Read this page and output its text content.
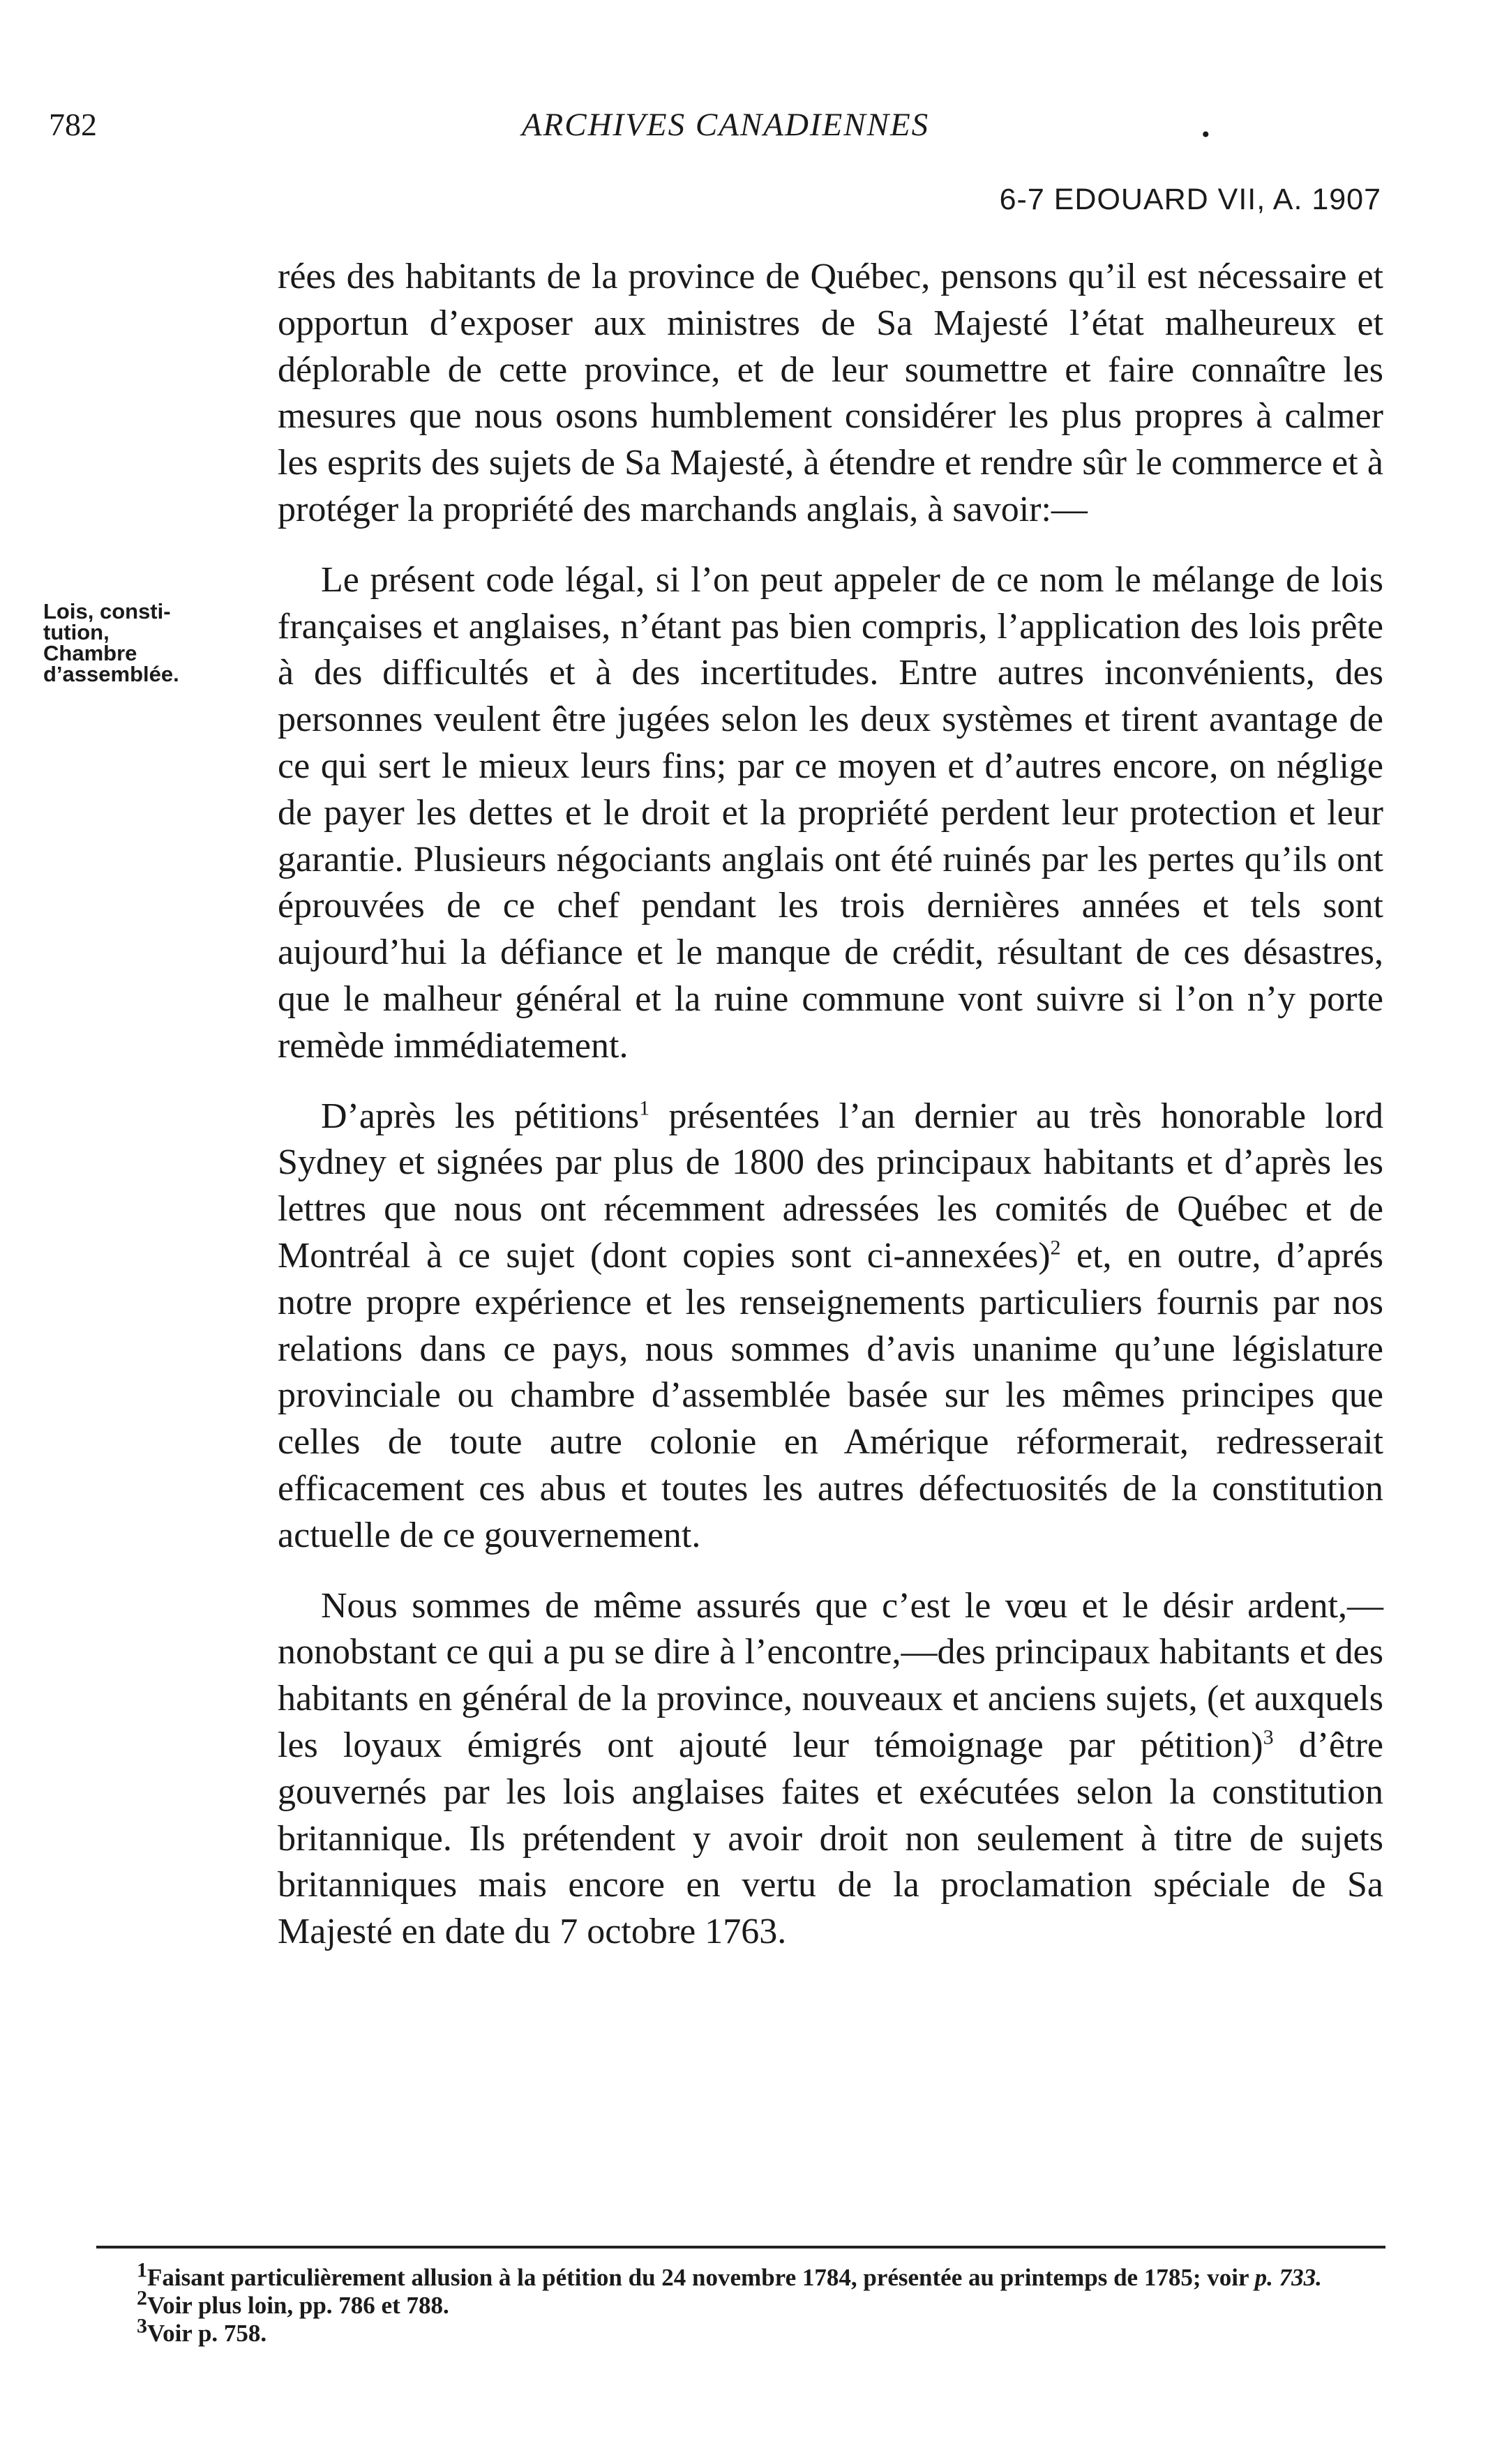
782	ARCHIVES CANADIENNES	.
6-7 EDOUARD VII, A. 1907
Lois, consti-
tution,
Chambre
d’assemblée.

rées des habitants de la province de Québec, pensons qu’il est nécessaire et opportun d’exposer aux ministres de Sa Majesté l’état malheureux et déplorable de cette province, et de leur soumettre et faire connaître les mesures que nous osons humblement considérer les plus propres à calmer les esprits des sujets de Sa Majesté, à étendre et rendre sûr le commerce et à protéger la propriété des marchands anglais, à savoir:—

Le présent code légal, si l’on peut appeler de ce nom le mélange de lois françaises et anglaises, n’étant pas bien compris, l’application des lois prête à des difficultés et à des incertitudes. Entre autres inconvénients, des personnes veulent être jugées selon les deux systèmes et tirent avantage de ce qui sert le mieux leurs fins; par ce moyen et d’autres encore, on néglige de payer les dettes et le droit et la propriété perdent leur protection et leur garantie. Plusieurs négociants anglais ont été ruinés par les pertes qu’ils ont éprouvées de ce chef pendant les trois dernières années et tels sont aujourd’hui la défiance et le manque de crédit, résultant de ces désastres, que le malheur général et la ruine commune vont suivre si l’on n’y porte remède immédiatement.

D’après les pétitions$^1$ présentées l’an dernier au très honorable lord Sydney et signées par plus de 1800 des principaux habitants et d’après les lettres que nous ont récemment adressées les comités de Québec et de Montréal à ce sujet (dont copies sont ci-annexées)$^2$ et, en outre, d’aprés notre propre expérience et les renseignements particuliers fournis par nos relations dans ce pays, nous sommes d’avis unanime qu’une législature provinciale ou chambre d’assemblée basée sur les mêmes principes que celles de toute autre colonie en Amérique réformerait, redresserait efficacement ces abus et toutes les autres défectuosités de la constitution actuelle de ce gouvernement.

Nous sommes de même assurés que c’est le vœu et le désir ardent,—nonobstant ce qui a pu se dire à l’encontre,—des principaux habitants et des habitants en général de la province, nouveaux et anciens sujets, (et auxquels les loyaux émigrés ont ajouté leur témoignage par pétition)$^3$ d’être gouvernés par les lois anglaises faites et exécutées selon la constitution britannique. Ils prétendent y avoir droit non seulement à titre de sujets britanniques mais encore en vertu de la proclamation spéciale de Sa Majesté en date du 7 octobre 1763.

$^1$Faisant particulièrement allusion à la pétition du 24 novembre 1784, présentée au printemps de 1785; voir p. 733.

$^2$Voir plus loin, pp. 786 et 788.

$^3$Voir p. 758.
